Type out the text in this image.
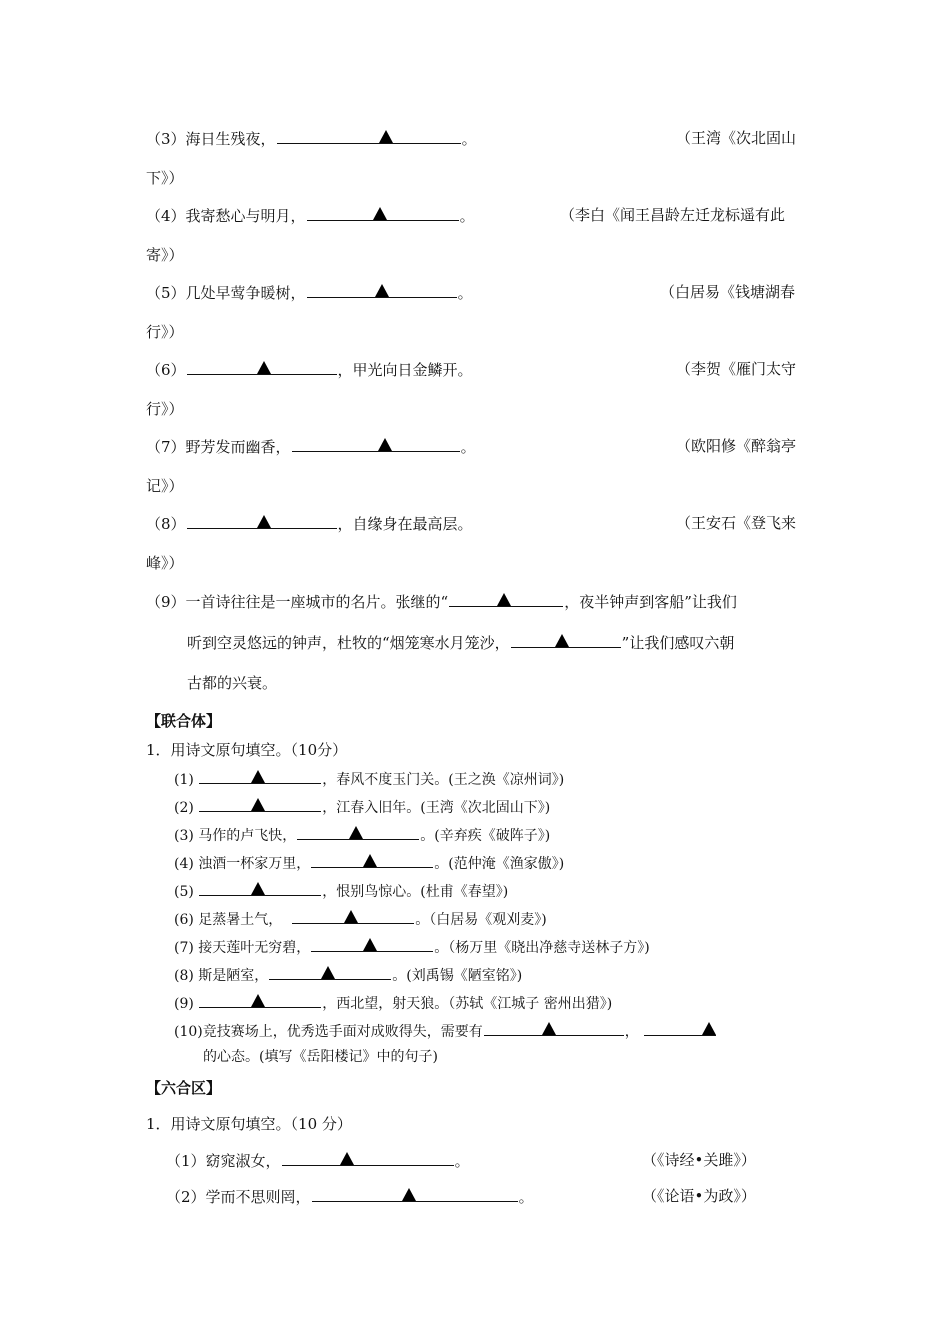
（3）海日生残夜，	。	（王湾《次北固山
下》）
（4）我寄愁心与明月，	。	（李白《闻王昌龄左迁龙标遥有此
寄》）
（5）几处早莺争暖树，	。	（白居易《钱塘湖春
行》）
（6）	，甲光向日金鳞开。	（李贺《雁门太守
行》）
（7）野芳发而幽香，	。	（欧阳修《醉翁亭
记》）
（8）	，自缘身在最高层。	（王安石《登飞来
峰》）
（9）一首诗往往是一座城市的名片。张继的“	，夜半钟声到客船”让我们
听到空灵悠远的钟声，杜牧的“烟笼寒水月笼沙，	”让我们感叹六朝
古都的兴衰。
【联合体】
1．用诗文原句填空。（10分）
(1)	，春风不度玉门关。(王之涣《凉州词》)
(2)	，江春入旧年。(王湾《次北固山下》)
(3) 马作的卢飞快，	。(辛弃疾《破阵子》)
(4) 浊酒一杯家万里，	。(范仲淹《渔家傲》)
(5)	，恨别鸟惊心。(杜甫《春望》)
(6) 足蒸暑土气，	。（白居易《观刈麦》)
(7) 接天莲叶无穷碧，	。（杨万里《晓出净慈寺送林子方》)
(8) 斯是陋室，	。(刘禹锡《陋室铭》)
(9)	，西北望，射天狼。（苏轼《江城子 密州出猎》)
(10)竞技赛场上，优秀选手面对成败得失，需要有	，
的心态。(填写《岳阳楼记》中的句子)
【六合区】
1．用诗文原句填空。（10 分）
（1）窈窕淑女，	。	（《诗经•关雎》）
（2）学而不思则罔，	。	（《论语•为政》）
